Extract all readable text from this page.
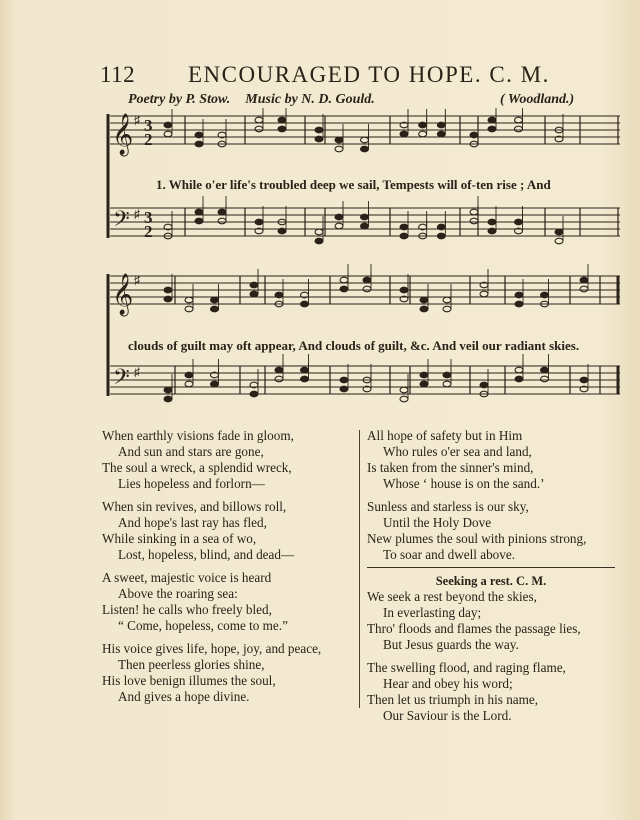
112 ENCOURAGED TO HOPE. C. M.
Poetry by P. Stow. Music by N. D. Gould.	( Woodland.)
𝄞
𝄞
𝄢
𝄢
♯
♯
♯
♯
3
2
3
2
1. While o'er life's troubled deep we sail, Tempests will of-ten rise ; And
clouds of guilt may oft appear, And clouds of guilt, &c. And veil our radiant skies.
When earthly visions fade in gloom,
And sun and stars are gone,
The soul a wreck, a splendid wreck,
Lies hopeless and forlorn—
When sin revives, and billows roll,
And hope's last ray has fled,
While sinking in a sea of wo,
Lost, hopeless, blind, and dead—
A sweet, majestic voice is heard
Above the roaring sea:
Listen! he calls who freely bled,
“ Come, hopeless, come to me.”
His voice gives life, hope, joy, and peace,
Then peerless glories shine,
His love benign illumes the soul,
And gives a hope divine.
All hope of safety but in Him
Who rules o'er sea and land,
Is taken from the sinner's mind,
Whose ‘ house is on the sand.’
Sunless and starless is our sky,
Until the Holy Dove
New plumes the soul with pinions strong,
To soar and dwell above.
Seeking a rest. C. M.
We seek a rest beyond the skies,
In everlasting day;
Thro' floods and flames the passage lies,
But Jesus guards the way.
The swelling flood, and raging flame,
Hear and obey his word;
Then let us triumph in his name,
Our Saviour is the Lord.
